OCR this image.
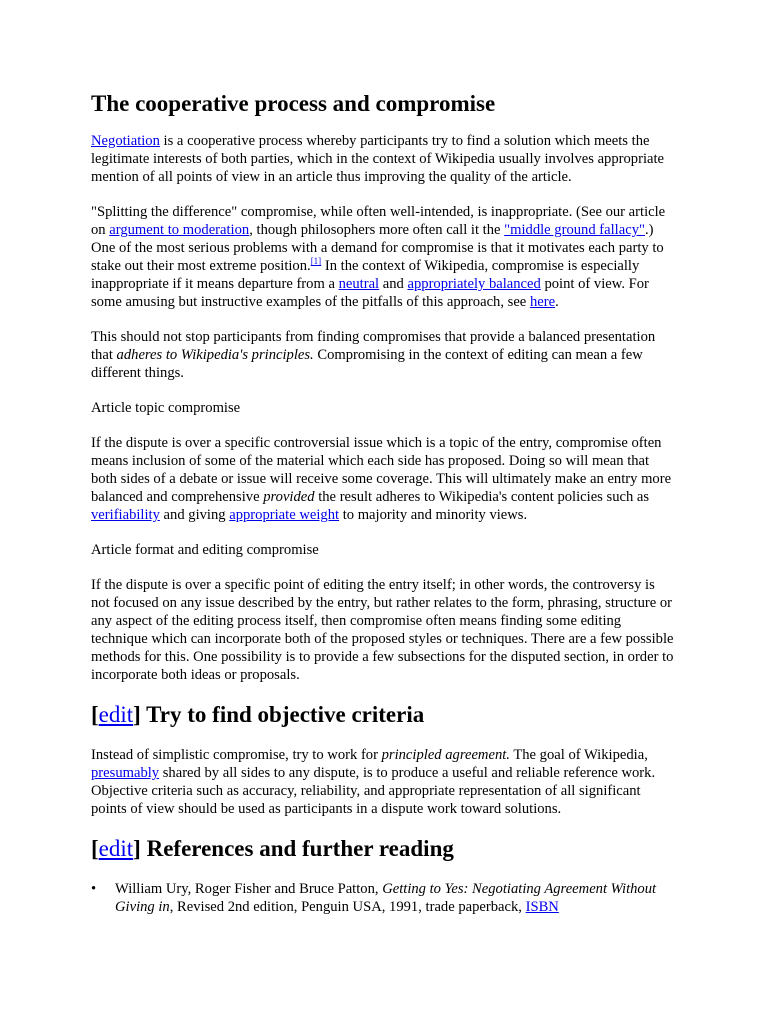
The cooperative process and compromise

Negotiation is a cooperative process whereby participants try to find a solution which meets the legitimate interests of both parties, which in the context of Wikipedia usually involves appropriate mention of all points of view in an article thus improving the quality of the article.

"Splitting the difference" compromise, while often well-intended, is inappropriate. (See our article on argument to moderation, though philosophers more often call it the "middle ground fallacy".) One of the most serious problems with a demand for compromise is that it motivates each party to stake out their most extreme position.[1] In the context of Wikipedia, compromise is especially inappropriate if it means departure from a neutral and appropriately balanced point of view. For some amusing but instructive examples of the pitfalls of this approach, see here.

This should not stop participants from finding compromises that provide a balanced presentation that adheres to Wikipedia's principles. Compromising in the context of editing can mean a few different things.

Article topic compromise

If the dispute is over a specific controversial issue which is a topic of the entry, compromise often means inclusion of some of the material which each side has proposed. Doing so will mean that both sides of a debate or issue will receive some coverage. This will ultimately make an entry more balanced and comprehensive provided the result adheres to Wikipedia's content policies such as verifiability and giving appropriate weight to majority and minority views.

Article format and editing compromise

If the dispute is over a specific point of editing the entry itself; in other words, the controversy is not focused on any issue described by the entry, but rather relates to the form, phrasing, structure or any aspect of the editing process itself, then compromise often means finding some editing technique which can incorporate both of the proposed styles or techniques. There are a few possible methods for this. One possibility is to provide a few subsections for the disputed section, in order to incorporate both ideas or proposals.

[edit] Try to find objective criteria

Instead of simplistic compromise, try to work for principled agreement. The goal of Wikipedia, presumably shared by all sides to any dispute, is to produce a useful and reliable reference work. Objective criteria such as accuracy, reliability, and appropriate representation of all significant points of view should be used as participants in a dispute work toward solutions.

[edit] References and further reading
• William Ury, Roger Fisher and Bruce Patton, Getting to Yes: Negotiating Agreement Without Giving in, Revised 2nd edition, Penguin USA, 1991, trade paperback, ISBN
